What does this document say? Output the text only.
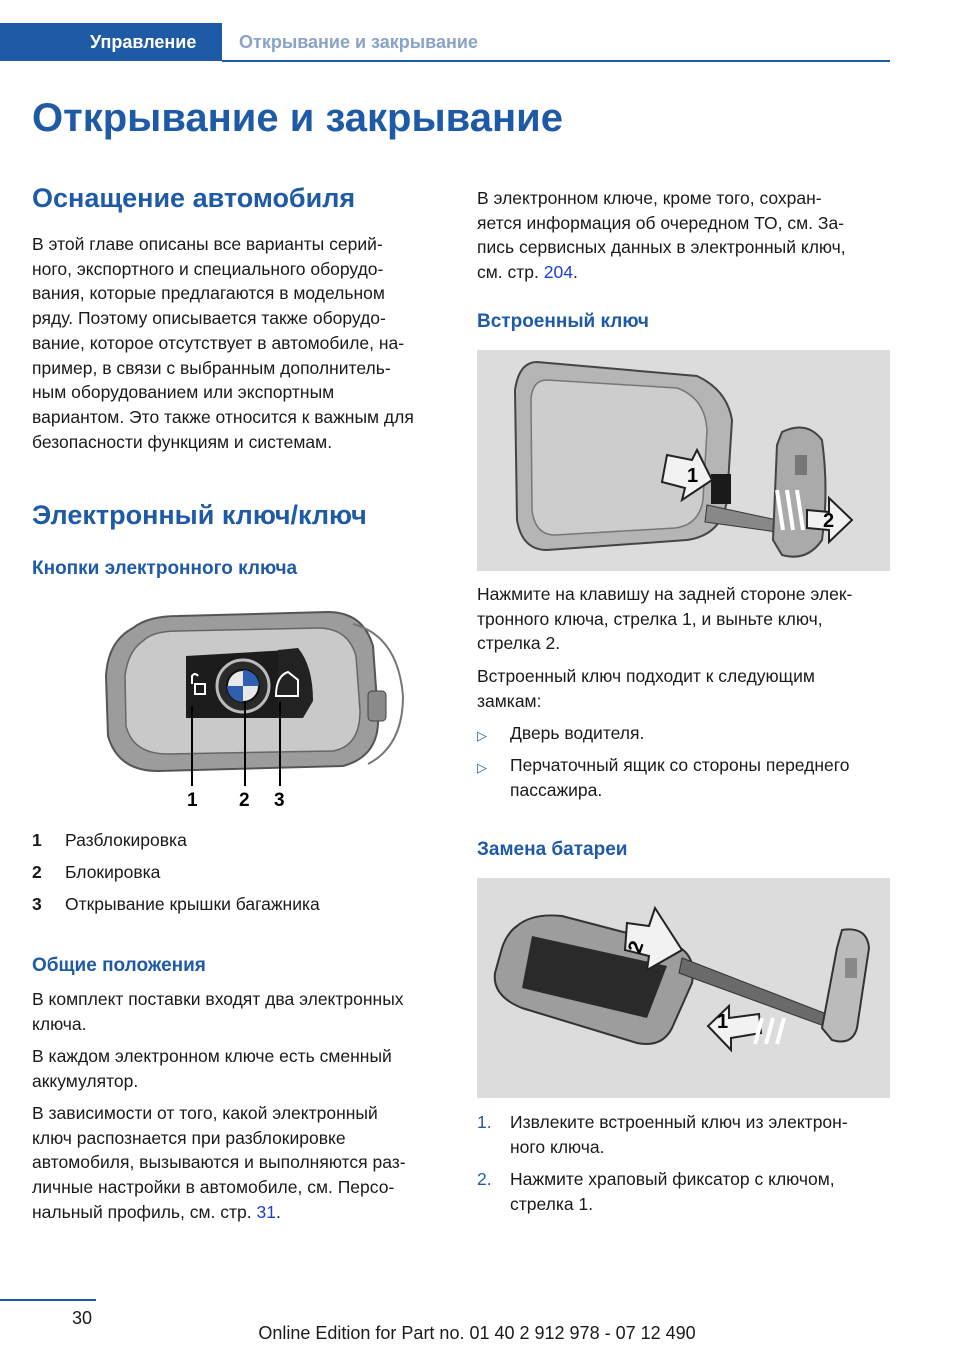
Управление	Открывание и закрывание
Открывание и закрывание
Оснащение автомобиля

В этой главе описаны все варианты серий-
ного, экспортного и специального оборудо-
вания, которые предлагаются в модельном
ряду. Поэтому описывается также оборудо-
вание, которое отсутствует в автомобиле, на-
пример, в связи с выбранным дополнитель-
ным оборудованием или экспортным
вариантом. Это также относится к важным для
безопасности функциям и системам.

Электронный ключ/ключ
Кнопки электронного ключа
1 2 3
1 Разблокировка
2 Блокировка
3 Открывание крышки багажника
Общие положения

В комплект поставки входят два электронных
ключа.

В каждом электронном ключе есть сменный
аккумулятор.

В зависимости от того, какой электронный
ключ распознается при разблокировке
автомобиля, вызываются и выполняются раз-
личные настройки в автомобиле, см. Персо-
нальный профиль, см. стр. 31.

В электронном ключе, кроме того, сохран-
яется информация об очередном ТО, см. За-
пись сервисных данных в электронный ключ,
см. стр. 204.

Встроенный ключ
1
2

Нажмите на клавишу на задней стороне элек-
тронного ключа, стрелка 1, и выньте ключ,
стрелка 2.

Встроенный ключ подходит к следующим
замкам:

▷ Дверь водителя.
▷ Перчаточный ящик со стороны переднего
пассажира.
Замена батареи
2
1
1. Извлеките встроенный ключ из электрон-
ного ключа.
2. Нажмите храповый фиксатор с ключом,
стрелка 1.
30
Online Edition for Part no. 01 40 2 912 978 - 07 12 490
